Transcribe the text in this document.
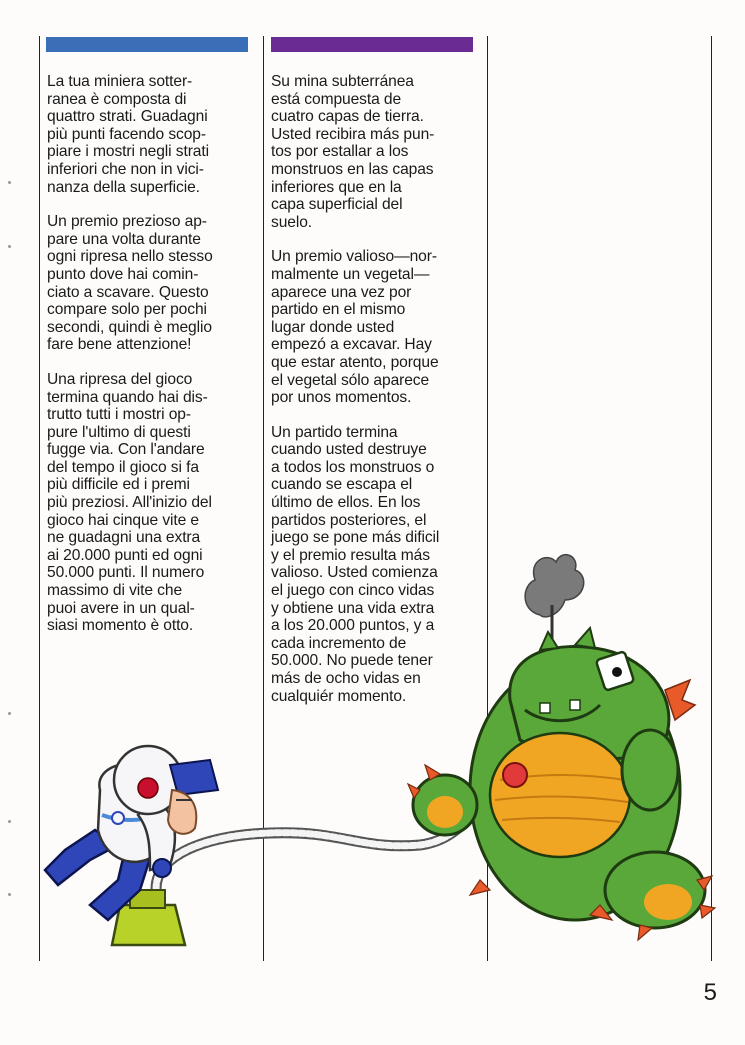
La tua miniera sotter-
ranea è composta di
quattro strati. Guadagni
più punti facendo scop-
piare i mostri negli strati
inferiori che non in vici-
nanza della superficie.

Un premio prezioso ap-
pare una volta durante
ogni ripresa nello stesso
punto dove hai comin-
ciato a scavare. Questo
compare solo per pochi
secondi, quindi è meglio
fare bene attenzione!

Una ripresa del gioco
termina quando hai dis-
trutto tutti i mostri op-
pure l'ultimo di questi
fugge via. Con l'andare
del tempo il gioco si fa
più difficile ed i premi
più preziosi. All'inizio del
gioco hai cinque vite e
ne guadagni una extra
ai 20.000 punti ed ogni
50.000 punti. Il numero
massimo di vite che
puoi avere in un qual-
siasi momento è otto.

Su mina subterránea
está compuesta de
cuatro capas de tierra.
Usted recibira más pun-
tos por estallar a los
monstruos en las capas
inferiores que en la
capa superficial del
suelo.

Un premio valioso—nor-
malmente un vegetal—
aparece una vez por
partido en el mismo
lugar donde usted
empezó a excavar. Hay
que estar atento, porque
el vegetal sólo aparece
por unos momentos.

Un partido termina
cuando usted destruye
a todos los monstruos o
cuando se escapa el
último de ellos. En los
partidos posteriores, el
juego se pone más dificil
y el premio resulta más
valioso. Usted comienza
el juego con cinco vidas
y obtiene una vida extra
a los 20.000 puntos, y a
cada incremento de
50.000. No puede tener
más de ocho vidas en
cualquiér momento.

5
